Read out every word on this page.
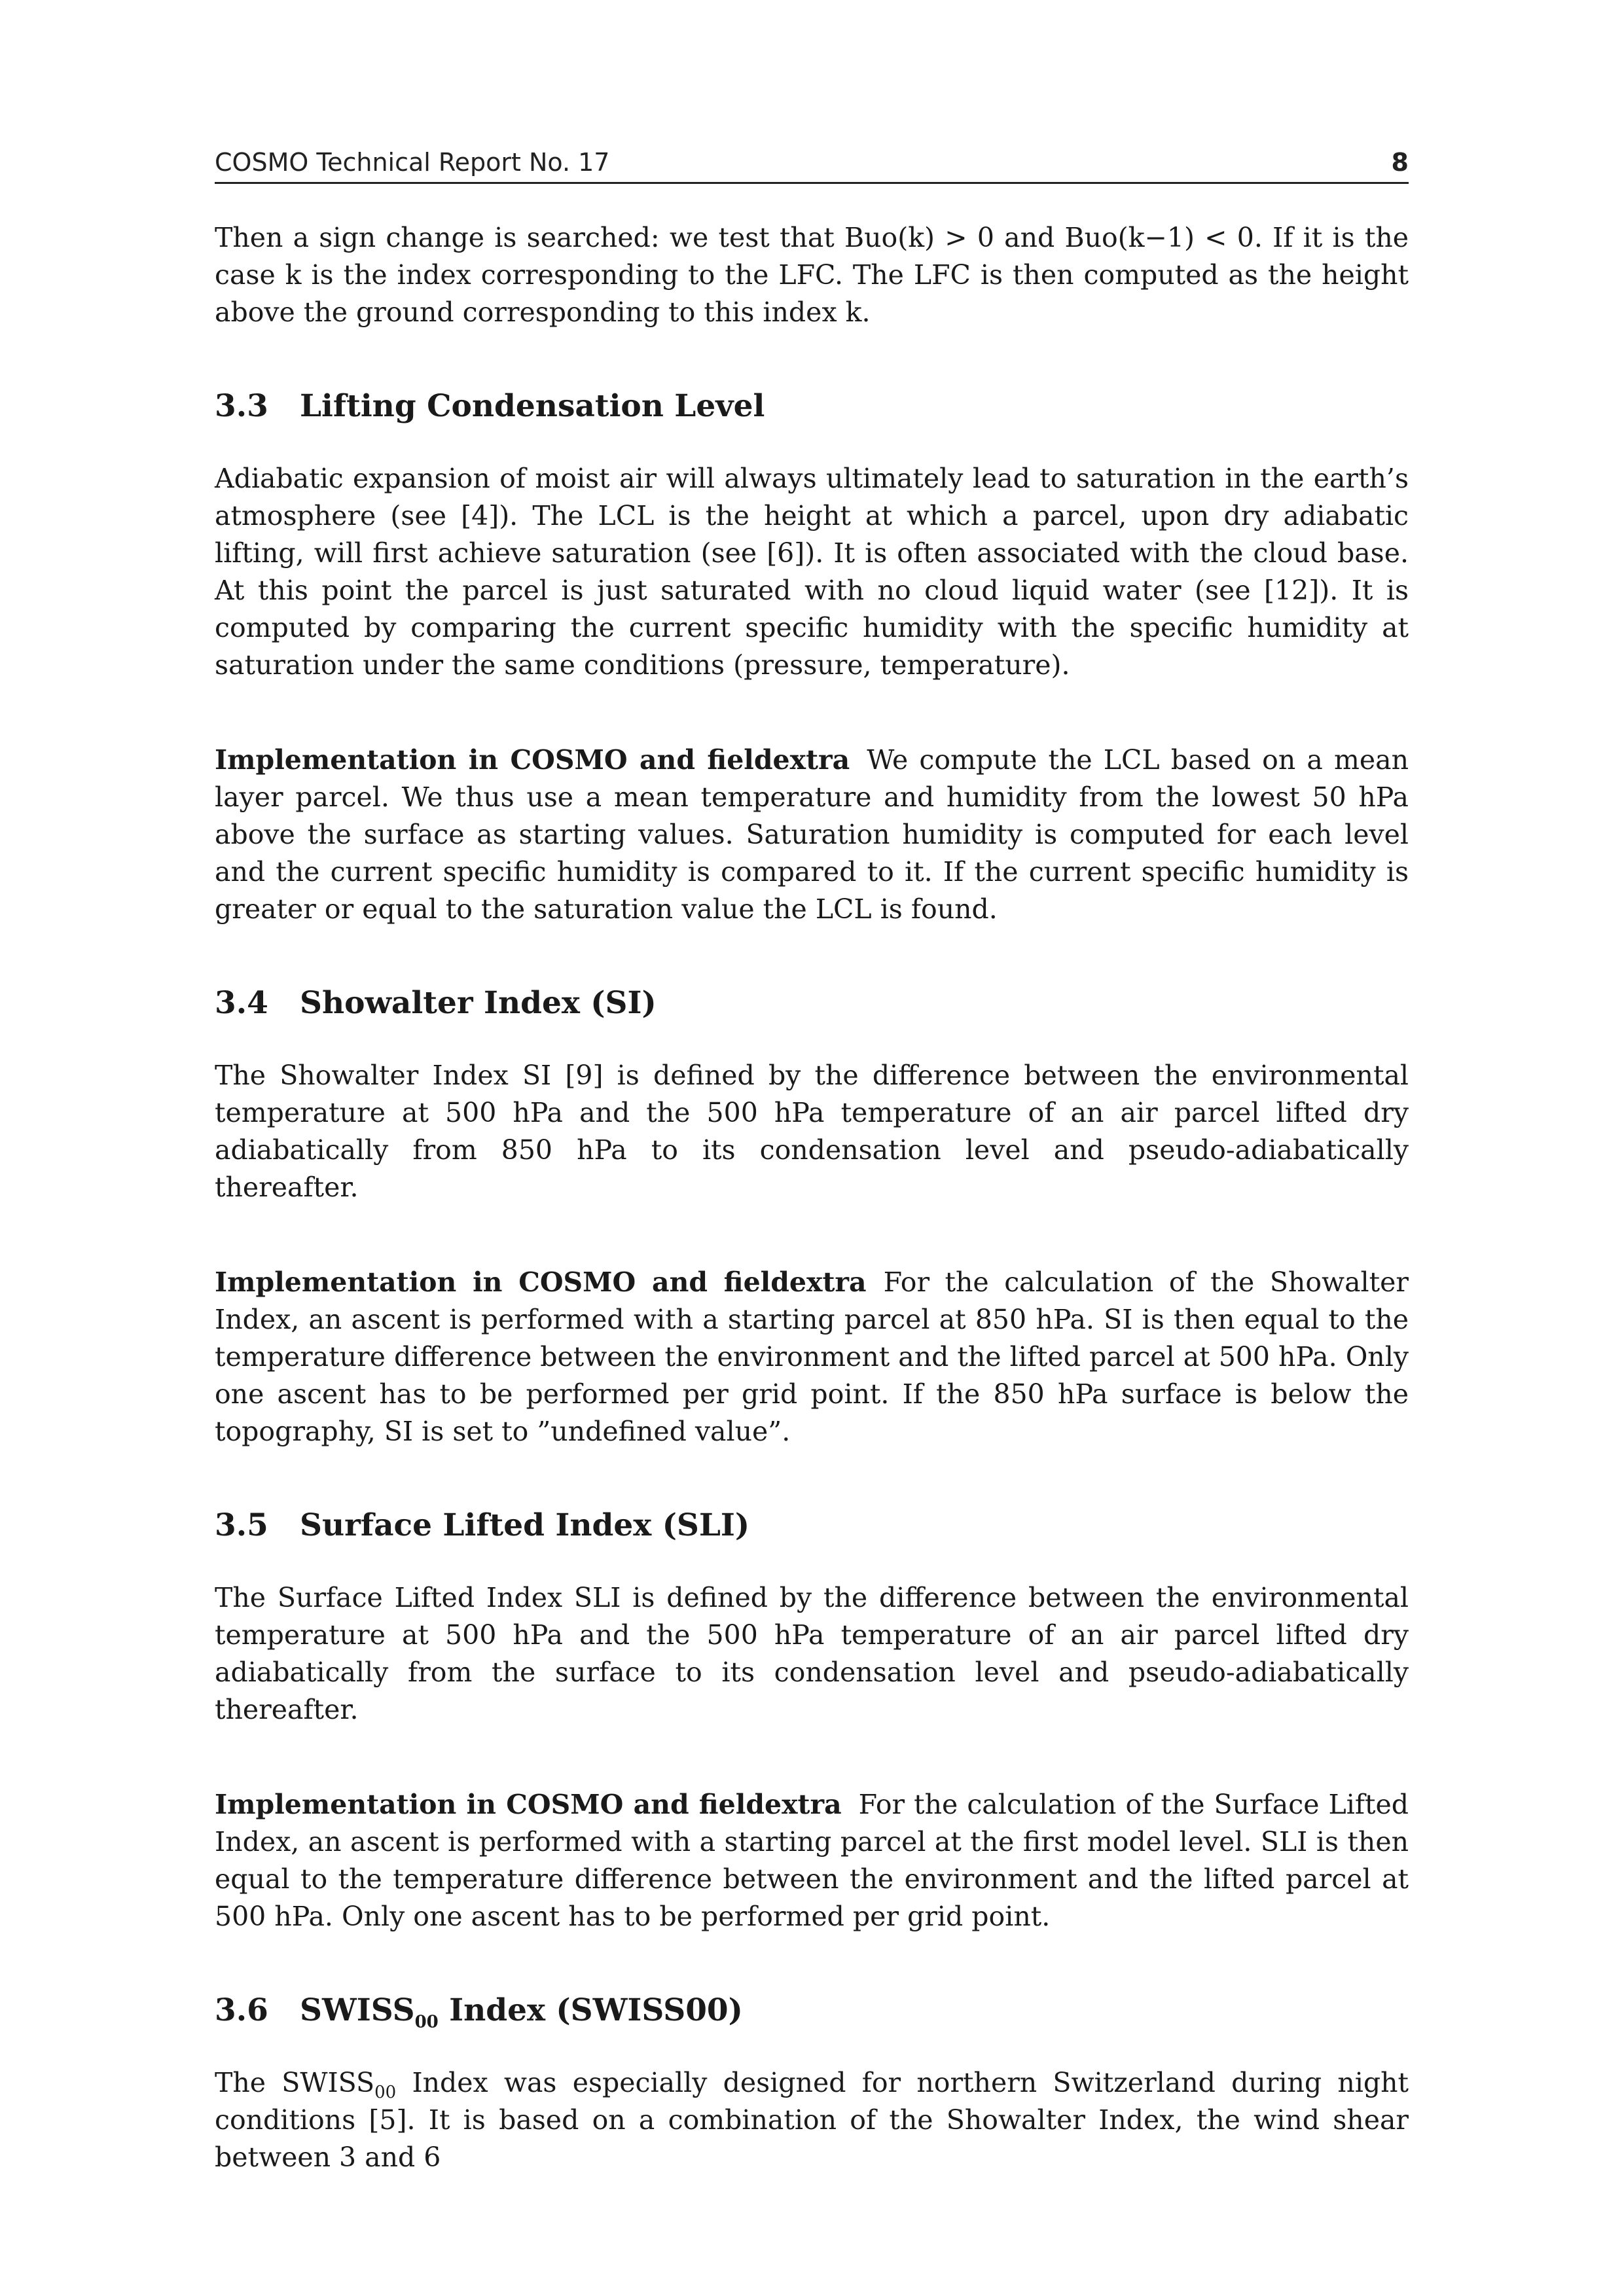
COSMO Technical Report No. 17	8

Then a sign change is searched: we test that Buo(k) > 0 and Buo(k−1) < 0. If it is the case k is the index corresponding to the LFC. The LFC is then computed as the height above the ground corresponding to this index k.

3.3 Lifting Condensation Level

Adiabatic expansion of moist air will always ultimately lead to saturation in the earth’s atmosphere (see [4]). The LCL is the height at which a parcel, upon dry adiabatic lifting, will first achieve saturation (see [6]). It is often associated with the cloud base. At this point the parcel is just saturated with no cloud liquid water (see [12]). It is computed by comparing the current specific humidity with the specific humidity at saturation under the same conditions (pressure, temperature).

Implementation in COSMO and fieldextra We compute the LCL based on a mean layer parcel. We thus use a mean temperature and humidity from the lowest 50 hPa above the surface as starting values. Saturation humidity is computed for each level and the current specific humidity is compared to it. If the current specific humidity is greater or equal to the saturation value the LCL is found.

3.4 Showalter Index (SI)

The Showalter Index SI [9] is defined by the difference between the environmental temperature at 500 hPa and the 500 hPa temperature of an air parcel lifted dry adiabatically from 850 hPa to its condensation level and pseudo-adiabatically thereafter.

Implementation in COSMO and fieldextra For the calculation of the Showalter Index, an ascent is performed with a starting parcel at 850 hPa. SI is then equal to the temperature difference between the environment and the lifted parcel at 500 hPa. Only one ascent has to be performed per grid point. If the 850 hPa surface is below the topography, SI is set to ”undefined value”.

3.5 Surface Lifted Index (SLI)

The Surface Lifted Index SLI is defined by the difference between the environmental temperature at 500 hPa and the 500 hPa temperature of an air parcel lifted dry adiabatically from the surface to its condensation level and pseudo-adiabatically thereafter.

Implementation in COSMO and fieldextra For the calculation of the Surface Lifted Index, an ascent is performed with a starting parcel at the first model level. SLI is then equal to the temperature difference between the environment and the lifted parcel at 500 hPa. Only one ascent has to be performed per grid point.

3.6 $SWISS_{00}$ Index (SWISS00)

The $SWISS_{00}$ Index was especially designed for northern Switzerland during night conditions [5]. It is based on a combination of the Showalter Index, the wind shear between 3 and 6
